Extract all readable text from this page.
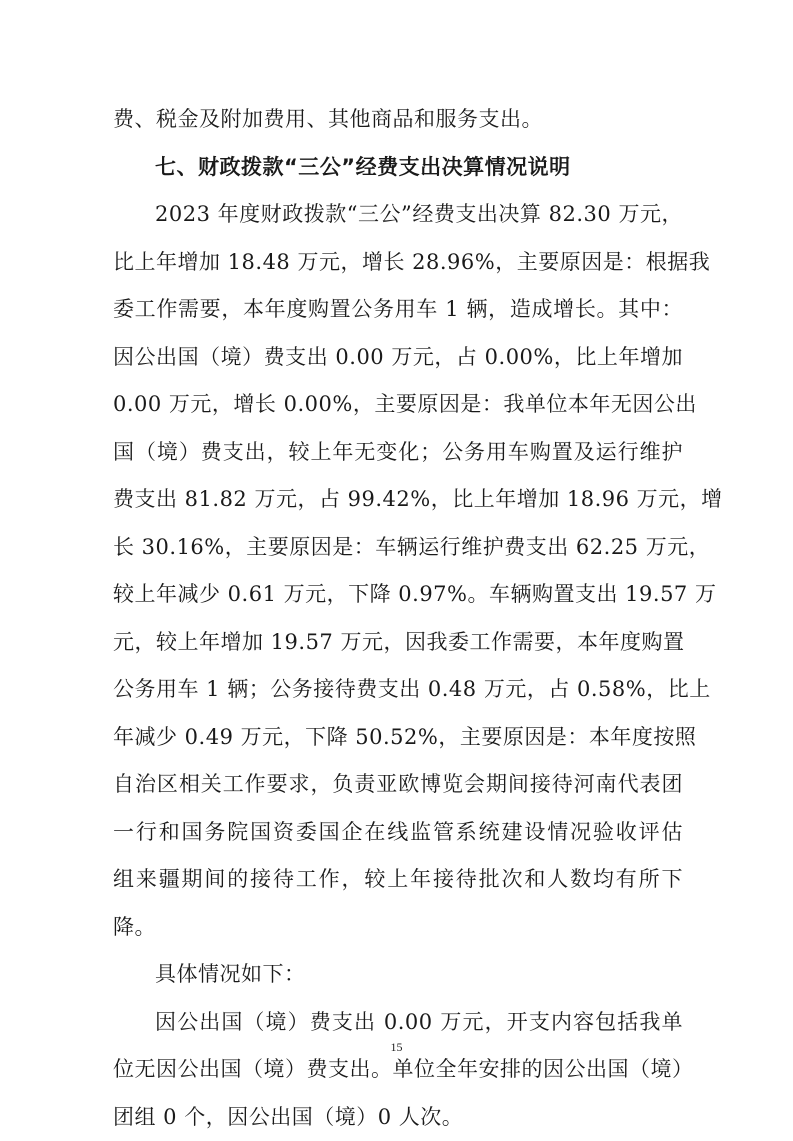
费、税金及附加费用、其他商品和服务支出。
七、财政拨款“三公”经费支出决算情况说明
2023 年度财政拨款“三公”经费支出决算 82.30 万元，
比上年增加 18.48 万元，增长 28.96%，主要原因是：根据我
委工作需要，本年度购置公务用车 1 辆，造成增长。其中：
因公出国（境）费支出 0.00 万元，占 0.00%，比上年增加
0.00 万元，增长 0.00%，主要原因是：我单位本年无因公出
国（境）费支出，较上年无变化；公务用车购置及运行维护
费支出 81.82 万元，占 99.42%，比上年增加 18.96 万元，增
长 30.16%，主要原因是：车辆运行维护费支出 62.25 万元，
较上年减少 0.61 万元，下降 0.97%。车辆购置支出 19.57 万
元，较上年增加 19.57 万元，因我委工作需要，本年度购置
公务用车 1 辆；公务接待费支出 0.48 万元，占 0.58%，比上
年减少 0.49 万元，下降 50.52%，主要原因是：本年度按照
自治区相关工作要求，负责亚欧博览会期间接待河南代表团
一行和国务院国资委国企在线监管系统建设情况验收评估
组来疆期间的接待工作，较上年接待批次和人数均有所下
降。
具体情况如下：
因公出国（境）费支出 0.00 万元，开支内容包括我单
位无因公出国（境）费支出。单位全年安排的因公出国（境）
团组 0 个，因公出国（境）0 人次。
15
